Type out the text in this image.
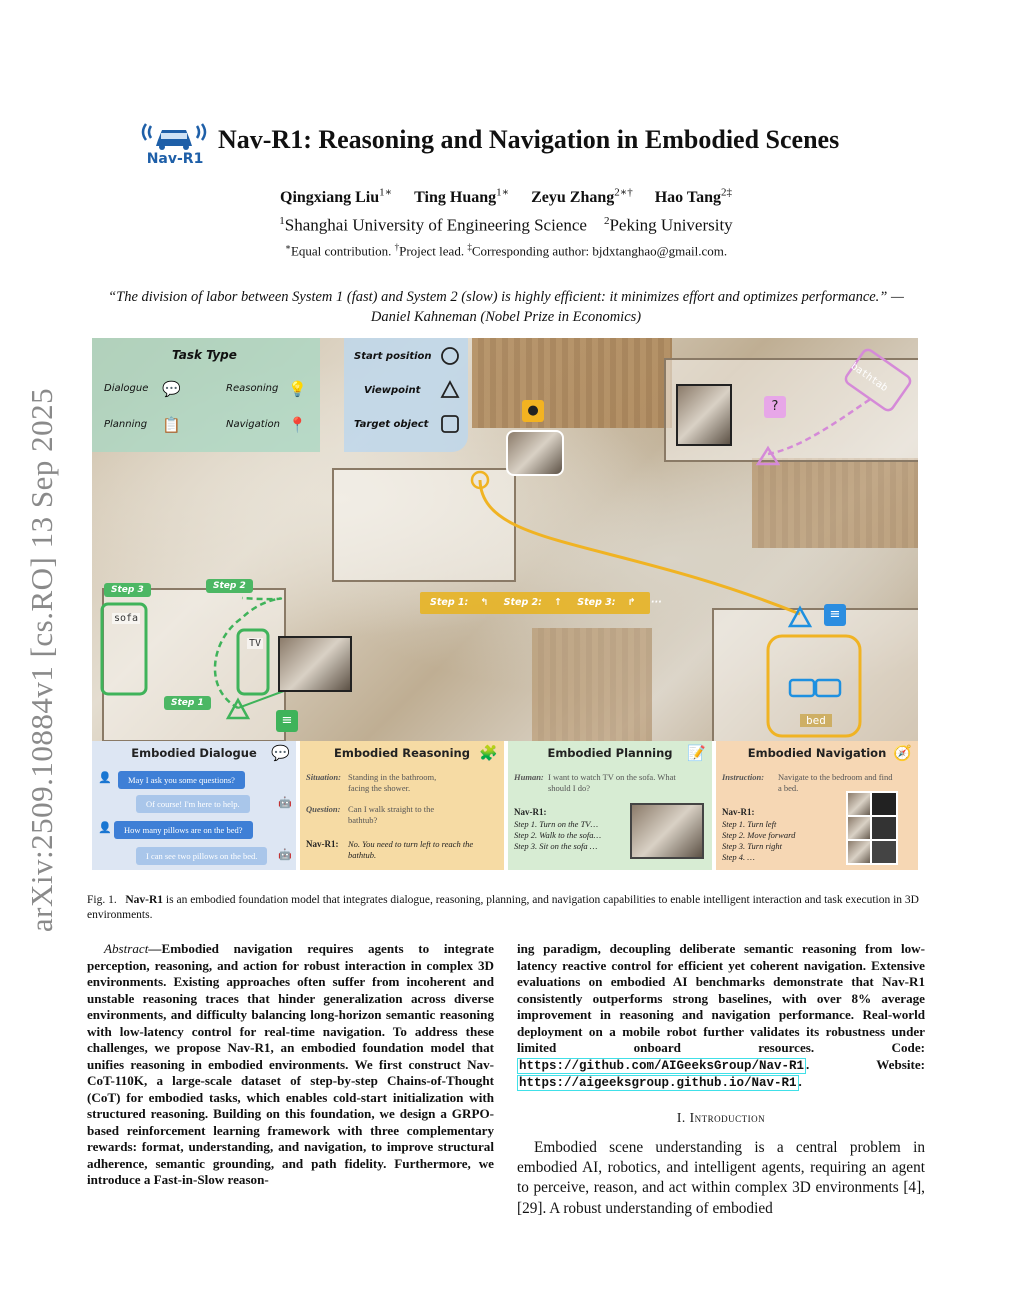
arXiv:2509.10884v1 [cs.RO] 13 Sep 2025
Nav-R1
Nav-R1: Reasoning and Navigation in Embodied Scenes
Qingxiang Liu$^{1∗}$ Ting Huang$^{1∗}$ Zeyu Zhang$^{2∗\dagger}$ Hao Tang$^{2\ddagger}$
$^1$Shanghai University of Engineering Science $^2$Peking University
∗Equal contribution. †Project lead. ‡Corresponding author: bjdxtanghao@gmail.com.
“The division of labor between System 1 (fast) and System 2 (slow) is highly efficient: it minimizes effort and optimizes performance.” — Daniel Kahneman (Nobel Prize in Economics)
Task Type
Dialogue 💬	Reasoning 💡
Planning 📋	Navigation 📍
Start position
Viewpoint
Target object
bathtab
sofa
TV
bed
Step 3	Step 2
Step 1
Step 1: ↰ Step 2: ↑ Step 3: ↱ ···
●	?
≡
≡
Embodied Dialogue 💬
👤	May I ask you some questions?
Of course! I'm here to help.	🤖
👤	How many pillows are on the bed?
I can see two pillows on the bed.	🤖
Embodied Reasoning 🧩
Situation: Standing in the bathroom, facing the shower.
Question: Can I walk straight to the bathtub?
Nav-R1: No. You need to turn left to reach the bathtub.
Embodied Planning 📝
Human: I want to watch TV on the sofa. What should I do?
Nav-R1:
Step 1. Turn on the TV…
Step 2. Walk to the sofa…
Step 3. Sit on the sofa …
Embodied Navigation 🧭
Instruction:	Navigate to the bedroom and find a bed.
Nav-R1:
Step 1. Turn left
Step 2. Move forward
Step 3. Turn right
Step 4. …
Fig. 1. Nav-R1 is an embodied foundation model that integrates dialogue, reasoning, planning, and navigation capabilities to enable intelligent interaction and task execution in 3D environments.
Abstract—Embodied navigation requires agents to integrate perception, reasoning, and action for robust interaction in complex 3D environments. Existing approaches often suffer from incoherent and unstable reasoning traces that hinder generalization across diverse environments, and difficulty balancing long-horizon semantic reasoning with low-latency control for real-time navigation. To address these challenges, we propose Nav-R1, an embodied foundation model that unifies reasoning in embodied environments. We first construct Nav-CoT-110K, a large-scale dataset of step-by-step Chains-of-Thought (CoT) for embodied tasks, which enables cold-start initialization with structured reasoning. Building on this foundation, we design a GRPO-based reinforcement learning framework with three complementary rewards: format, understanding, and navigation, to improve structural adherence, semantic grounding, and path fidelity. Furthermore, we introduce a Fast-in-Slow reason-
ing paradigm, decoupling deliberate semantic reasoning from low-latency reactive control for efficient yet coherent navigation. Extensive evaluations on embodied AI benchmarks demonstrate that Nav-R1 consistently outperforms strong baselines, with over 8% average improvement in reasoning and navigation performance. Real-world deployment on a mobile robot further validates its robustness under limited onboard resources. Code: https://github.com/AIGeeksGroup/Nav-R1 . Website: https://aigeeksgroup.github.io/Nav-R1 .
I. Introduction
Embodied scene understanding is a central problem in embodied AI, robotics, and intelligent agents, requiring an agent to perceive, reason, and act within complex 3D environments [4], [29]. A robust understanding of embodied
